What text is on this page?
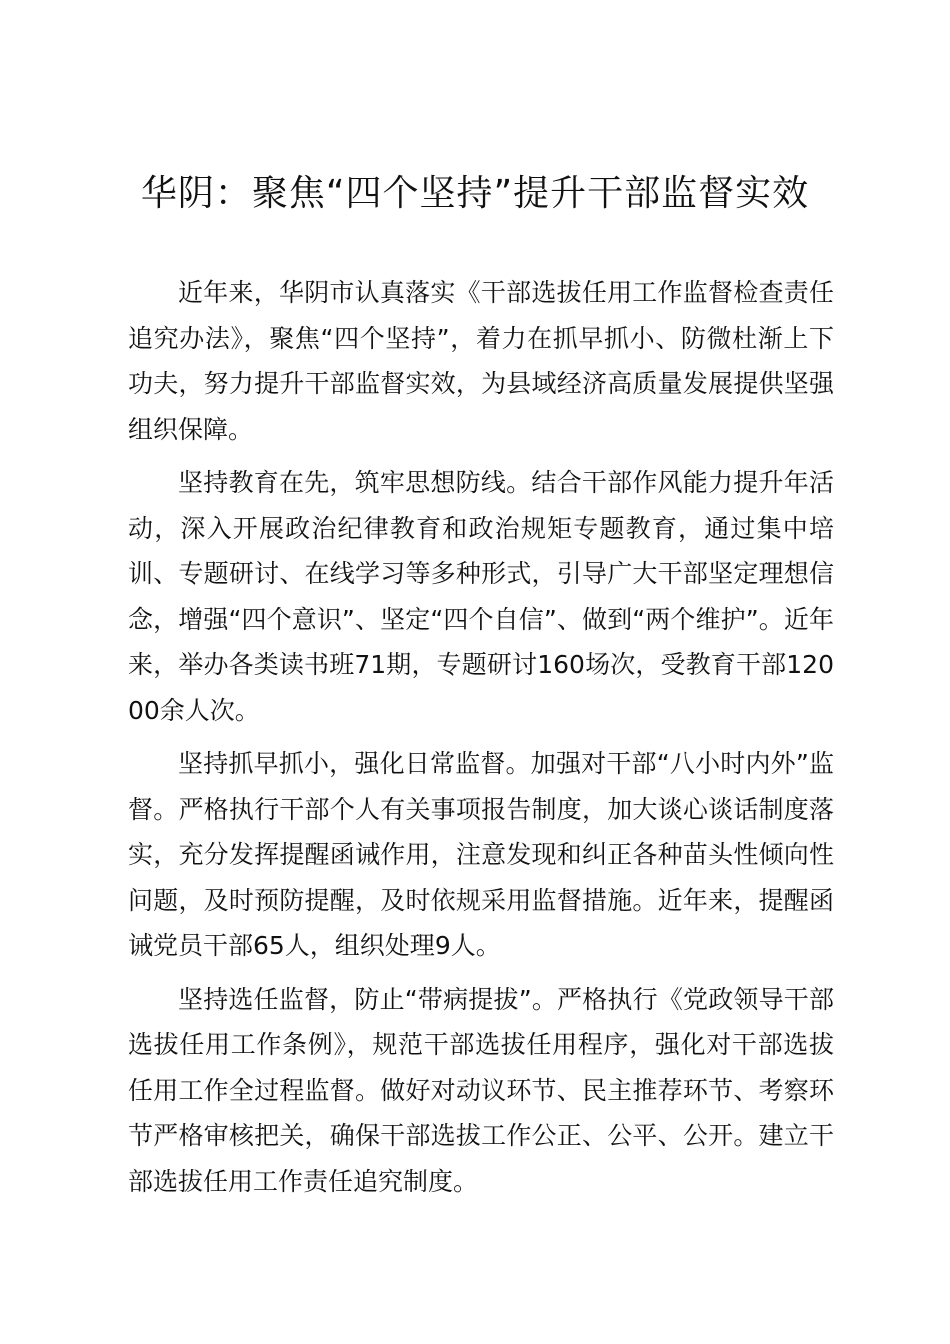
华阴：聚焦“四个坚持”提升干部监督实效

近年来，华阴市认真落实《干部选拔任用工作监督检查责任追究办法》，聚焦“四个坚持”，着力在抓早抓小、防微杜渐上下功夫，努力提升干部监督实效，为县域经济高质量发展提供坚强组织保障。

坚持教育在先，筑牢思想防线。结合干部作风能力提升年活动，深入开展政治纪律教育和政治规矩专题教育，通过集中培训、专题研讨、在线学习等多种形式，引导广大干部坚定理想信念，增强“四个意识”、坚定“四个自信”、做到“两个维护”。近年来，举办各类读书班71期，专题研讨160场次，受教育干部12000余人次。

坚持抓早抓小，强化日常监督。加强对干部“八小时内外”监督。严格执行干部个人有关事项报告制度，加大谈心谈话制度落实，充分发挥提醒函诫作用，注意发现和纠正各种苗头性倾向性问题，及时预防提醒，及时依规采用监督措施。近年来，提醒函诫党员干部65人，组织处理9人。

坚持选任监督，防止“带病提拔”。严格执行《党政领导干部选拔任用工作条例》，规范干部选拔任用程序，强化对干部选拔任用工作全过程监督。做好对动议环节、民主推荐环节、考察环节严格审核把关，确保干部选拔工作公正、公平、公开。建立干部选拔任用工作责任追究制度。
